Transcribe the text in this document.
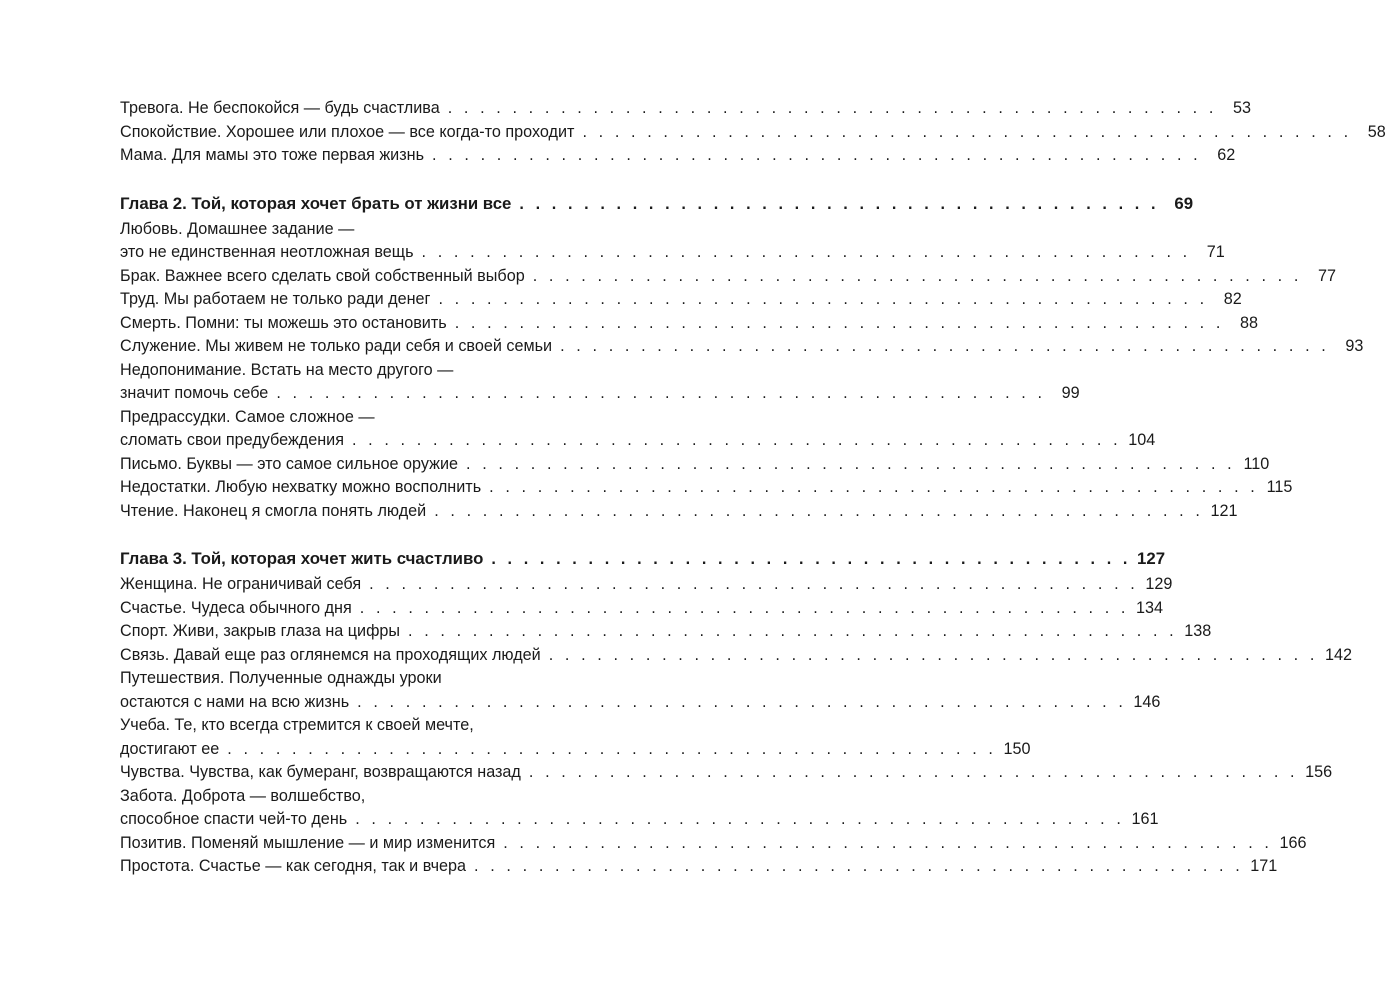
Тревога. Не беспокойся — будь счастлива . . . . . . . . . . . . . . . . . . . . . . . . . . . . . . . . . . . . . . . . . . . . . . . . 53
Спокойствие. Хорошее или плохое — все когда-то проходит . . . . . . . . . . . . . . . . . . . . . . . . . . . . . . . . . . . . . . . . . . . . . . . . 58
Мама. Для мамы это тоже первая жизнь . . . . . . . . . . . . . . . . . . . . . . . . . . . . . . . . . . . . . . . . . . . . . . . . 62
Глава 2. Той, которая хочет брать от жизни все . . . . . . . . . . . . . . . . . . . . . . . . . . . . . . . . . . . . . . . . 69
Любовь. Домашнее задание —
это не единственная неотложная вещь . . . . . . . . . . . . . . . . . . . . . . . . . . . . . . . . . . . . . . . . . . . . . . . . 71
Брак. Важнее всего сделать свой собственный выбор . . . . . . . . . . . . . . . . . . . . . . . . . . . . . . . . . . . . . . . . . . . . . . . . 77
Труд. Мы работаем не только ради денег . . . . . . . . . . . . . . . . . . . . . . . . . . . . . . . . . . . . . . . . . . . . . . . . 82
Смерть. Помни: ты можешь это остановить . . . . . . . . . . . . . . . . . . . . . . . . . . . . . . . . . . . . . . . . . . . . . . . . 88
Служение. Мы живем не только ради себя и своей семьи . . . . . . . . . . . . . . . . . . . . . . . . . . . . . . . . . . . . . . . . . . . . . . . . 93
Недопонимание. Встать на место другого —
значит помочь себе . . . . . . . . . . . . . . . . . . . . . . . . . . . . . . . . . . . . . . . . . . . . . . . . 99
Предрассудки. Самое сложное —
сломать свои предубеждения . . . . . . . . . . . . . . . . . . . . . . . . . . . . . . . . . . . . . . . . . . . . . . . . 104
Письмо. Буквы — это самое сильное оружие . . . . . . . . . . . . . . . . . . . . . . . . . . . . . . . . . . . . . . . . . . . . . . . . 110
Недостатки. Любую нехватку можно восполнить . . . . . . . . . . . . . . . . . . . . . . . . . . . . . . . . . . . . . . . . . . . . . . . . 115
Чтение. Наконец я смогла понять людей . . . . . . . . . . . . . . . . . . . . . . . . . . . . . . . . . . . . . . . . . . . . . . . . 121
Глава 3. Той, которая хочет жить счастливо . . . . . . . . . . . . . . . . . . . . . . . . . . . . . . . . . . . . . . . . 127
Женщина. Не ограничивай себя . . . . . . . . . . . . . . . . . . . . . . . . . . . . . . . . . . . . . . . . . . . . . . . . 129
Счастье. Чудеса обычного дня . . . . . . . . . . . . . . . . . . . . . . . . . . . . . . . . . . . . . . . . . . . . . . . . 134
Спорт. Живи, закрыв глаза на цифры . . . . . . . . . . . . . . . . . . . . . . . . . . . . . . . . . . . . . . . . . . . . . . . . 138
Связь. Давай еще раз оглянемся на проходящих людей . . . . . . . . . . . . . . . . . . . . . . . . . . . . . . . . . . . . . . . . . . . . . . . . 142
Путешествия. Полученные однажды уроки
остаются с нами на всю жизнь . . . . . . . . . . . . . . . . . . . . . . . . . . . . . . . . . . . . . . . . . . . . . . . . 146
Учеба. Те, кто всегда стремится к своей мечте,
достигают ее . . . . . . . . . . . . . . . . . . . . . . . . . . . . . . . . . . . . . . . . . . . . . . . . 150
Чувства. Чувства, как бумеранг, возвращаются назад . . . . . . . . . . . . . . . . . . . . . . . . . . . . . . . . . . . . . . . . . . . . . . . . 156
Забота. Доброта — волшебство,
способное спасти чей-то день . . . . . . . . . . . . . . . . . . . . . . . . . . . . . . . . . . . . . . . . . . . . . . . . 161
Позитив. Поменяй мышление — и мир изменится . . . . . . . . . . . . . . . . . . . . . . . . . . . . . . . . . . . . . . . . . . . . . . . . 166
Простота. Счастье — как сегодня, так и вчера . . . . . . . . . . . . . . . . . . . . . . . . . . . . . . . . . . . . . . . . . . . . . . . . 171
